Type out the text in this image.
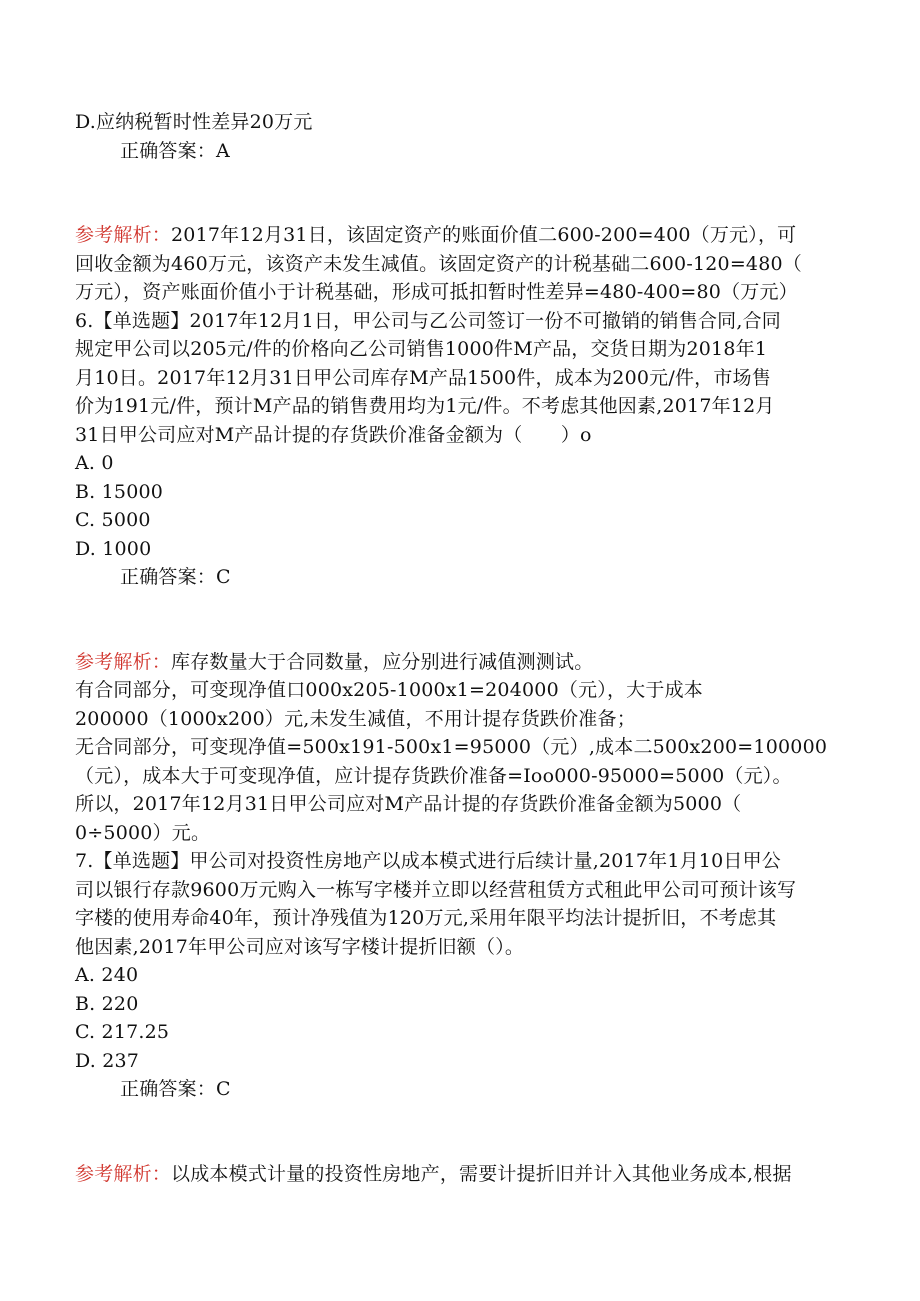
D.应纳税暂时性差异20万元
正确答案：A
参考解析：2017年12月31日，该固定资产的账面价值二600-200=400（万元），可
回收金额为460万元，该资产未发生减值。该固定资产的计税基础二600-120=480（
万元），资产账面价值小于计税基础，形成可抵扣暂时性差异=480-400=80（万元）
6.【单选题】2017年12月1日，甲公司与乙公司签订一份不可撤销的销售合同,合同
规定甲公司以205元/件的价格向乙公司销售1000件M产品，交货日期为2018年1
月10日。2017年12月31日甲公司库存M产品1500件，成本为200元/件，市场售
价为191元/件，预计M产品的销售费用均为1元/件。不考虑其他因素,2017年12月
31日甲公司应对M产品计提的存货跌价准备金额为（　　）o
A. 0
B. 15000
C. 5000
D. 1000
正确答案：C
参考解析：库存数量大于合同数量，应分别进行减值测测试。
有合同部分，可变现净值口000x205-1000x1=204000（元），大于成本
200000（1000x200）元,未发生减值，不用计提存货跌价准备；
无合同部分，可变现净值=500x191-500x1=95000（元）,成本二500x200=100000
（元），成本大于可变现净值，应计提存货跌价准备=Ioo000-95000=5000（元）。
所以，2017年12月31日甲公司应对M产品计提的存货跌价准备金额为5000（
0÷5000）元。
7.【单选题】甲公司对投资性房地产以成本模式进行后续计量,2017年1月10日甲公
司以银行存款9600万元购入一栋写字楼并立即以经营租赁方式租此甲公司可预计该写
字楼的使用寿命40年，预计净残值为120万元,采用年限平均法计提折旧，不考虑其
他因素,2017年甲公司应对该写字楼计提折旧额（）。
A. 240
B. 220
C. 217.25
D. 237
正确答案：C
参考解析：以成本模式计量的投资性房地产，需要计提折旧并计入其他业务成本,根据
